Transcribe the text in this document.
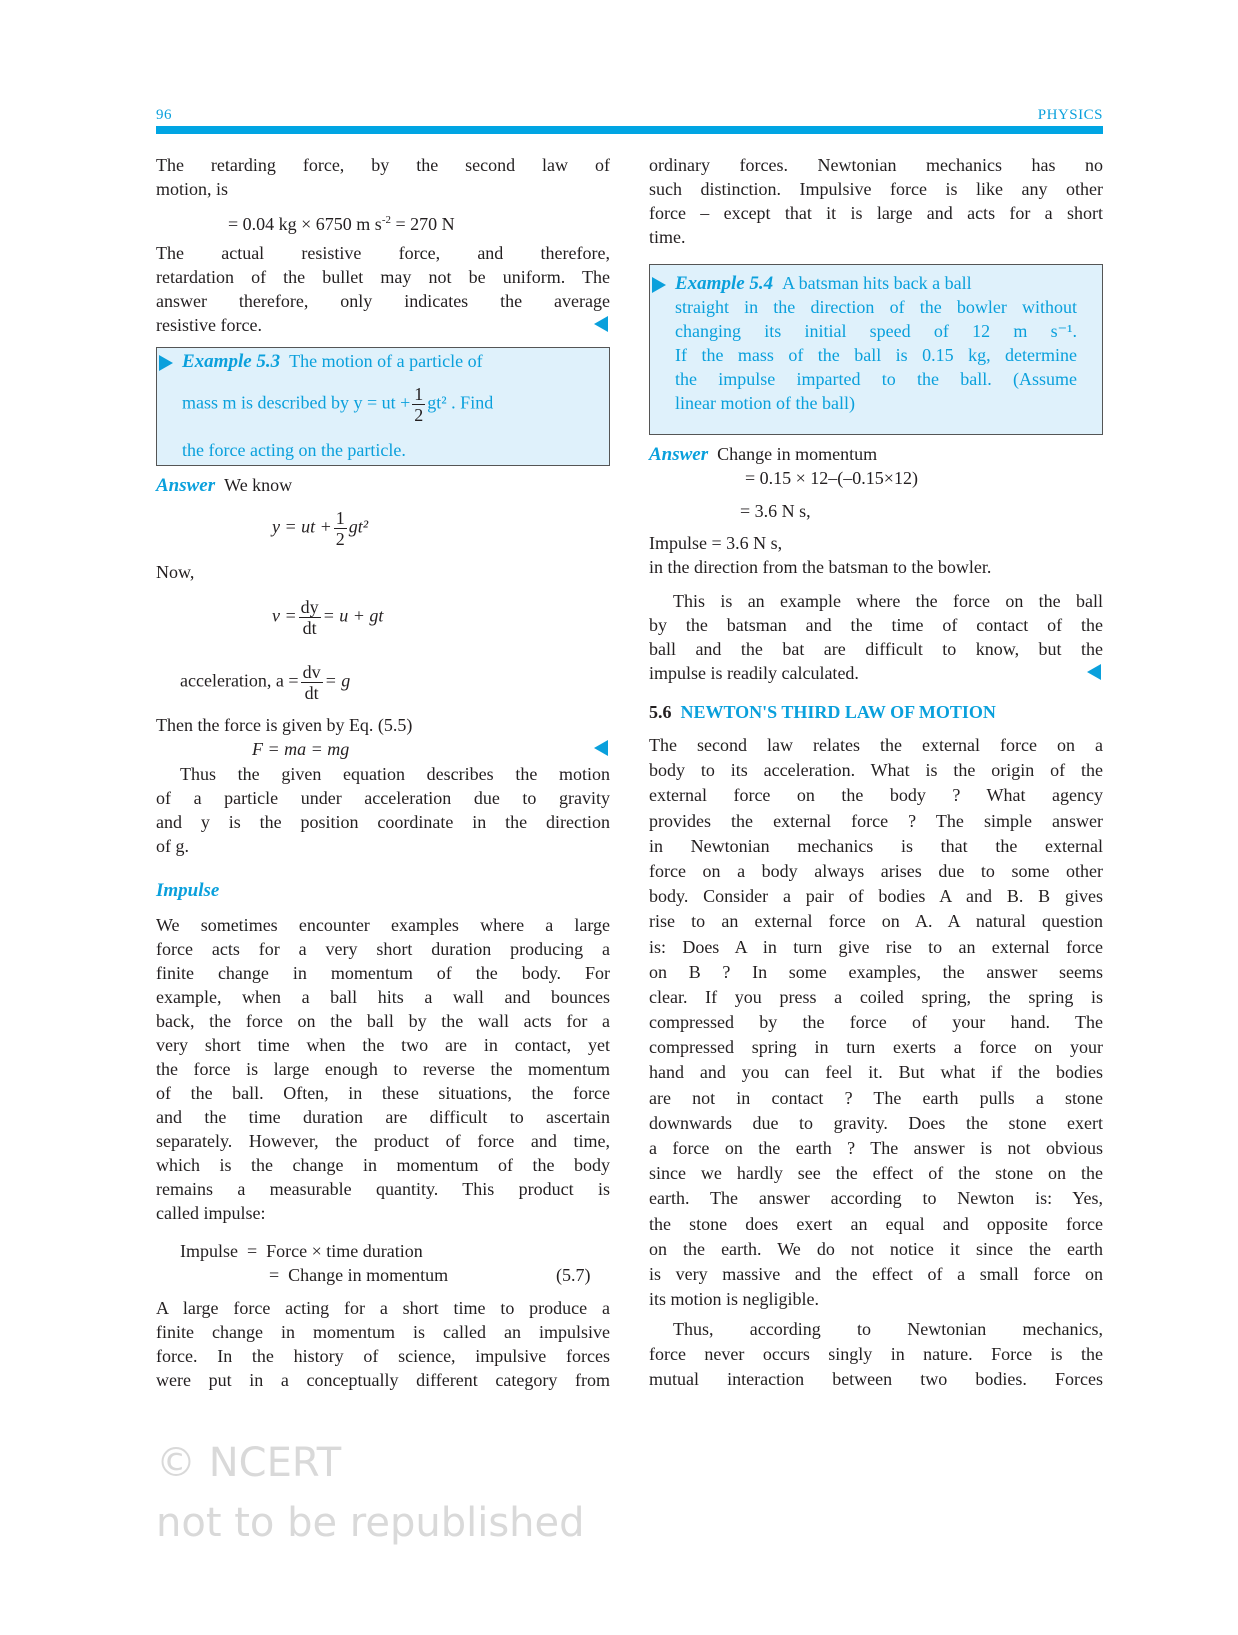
96	PHYSICS
© NCERT
not to be republished
The retarding force, by the second law of
motion, is
= 0.04 kg × 6750 m $s^{-2} = 270$ N
The actual resistive force, and therefore,
retardation of the bullet may not be uniform. The
answer therefore, only indicates the average
resistive force.
Example 5.3 The motion of a particle of
mass m is described by y = ut + $\frac{1}{2} gt^2$ . Find
the force acting on the particle.
Answer We know
y = ut + $\frac{1}{2} gt^2$
Now,
$v = \frac{dy}{dt} = u$ + gt
acceleration, $a = \frac{dv}{dt} = g$
Then the force is given by Eq. (5.5)
F = ma = mg
Thus the given equation describes the motion
of a particle under acceleration due to gravity
and y is the position coordinate in the direction
of g.
Impulse
We sometimes encounter examples where a large
force acts for a very short duration producing a
finite change in momentum of the body. For
example, when a ball hits a wall and bounces
back, the force on the ball by the wall acts for a
very short time when the two are in contact, yet
the force is large enough to reverse the momentum
of the ball. Often, in these situations, the force
and the time duration are difficult to ascertain
separately. However, the product of force and time,
which is the change in momentum of the body
remains a measurable quantity. This product is
called impulse:
Impulse = Force × time duration
= Change in momentum	(5.7)
A large force acting for a short time to produce a
finite change in momentum is called an impulsive
force. In the history of science, impulsive forces
were put in a conceptually different category from
ordinary forces. Newtonian mechanics has no
such distinction. Impulsive force is like any other
force – except that it is large and acts for a short
time.
Example 5.4 A batsman hits back a ball
straight in the direction of the bowler without
changing its initial speed of 12 m s⁻¹.
If the mass of the ball is 0.15 kg, determine
the impulse imparted to the ball. (Assume
linear motion of the ball)
Answer Change in momentum
= 0.15 × 12–(–0.15×12)
= 3.6 N s,
Impulse = 3.6 N s,
in the direction from the batsman to the bowler.
This is an example where the force on the ball
by the batsman and the time of contact of the
ball and the bat are difficult to know, but the
impulse is readily calculated.
5.6 NEWTON'S THIRD LAW OF MOTION
The second law relates the external force on a
body to its acceleration. What is the origin of the
external force on the body ? What agency
provides the external force ? The simple answer
in Newtonian mechanics is that the external
force on a body always arises due to some other
body. Consider a pair of bodies A and B. B gives
rise to an external force on A. A natural question
is: Does A in turn give rise to an external force
on B ? In some examples, the answer seems
clear. If you press a coiled spring, the spring is
compressed by the force of your hand. The
compressed spring in turn exerts a force on your
hand and you can feel it. But what if the bodies
are not in contact ? The earth pulls a stone
downwards due to gravity. Does the stone exert
a force on the earth ? The answer is not obvious
since we hardly see the effect of the stone on the
earth. The answer according to Newton is: Yes,
the stone does exert an equal and opposite force
on the earth. We do not notice it since the earth
is very massive and the effect of a small force on
its motion is negligible.
Thus, according to Newtonian mechanics,
force never occurs singly in nature. Force is the
mutual interaction between two bodies. Forces
